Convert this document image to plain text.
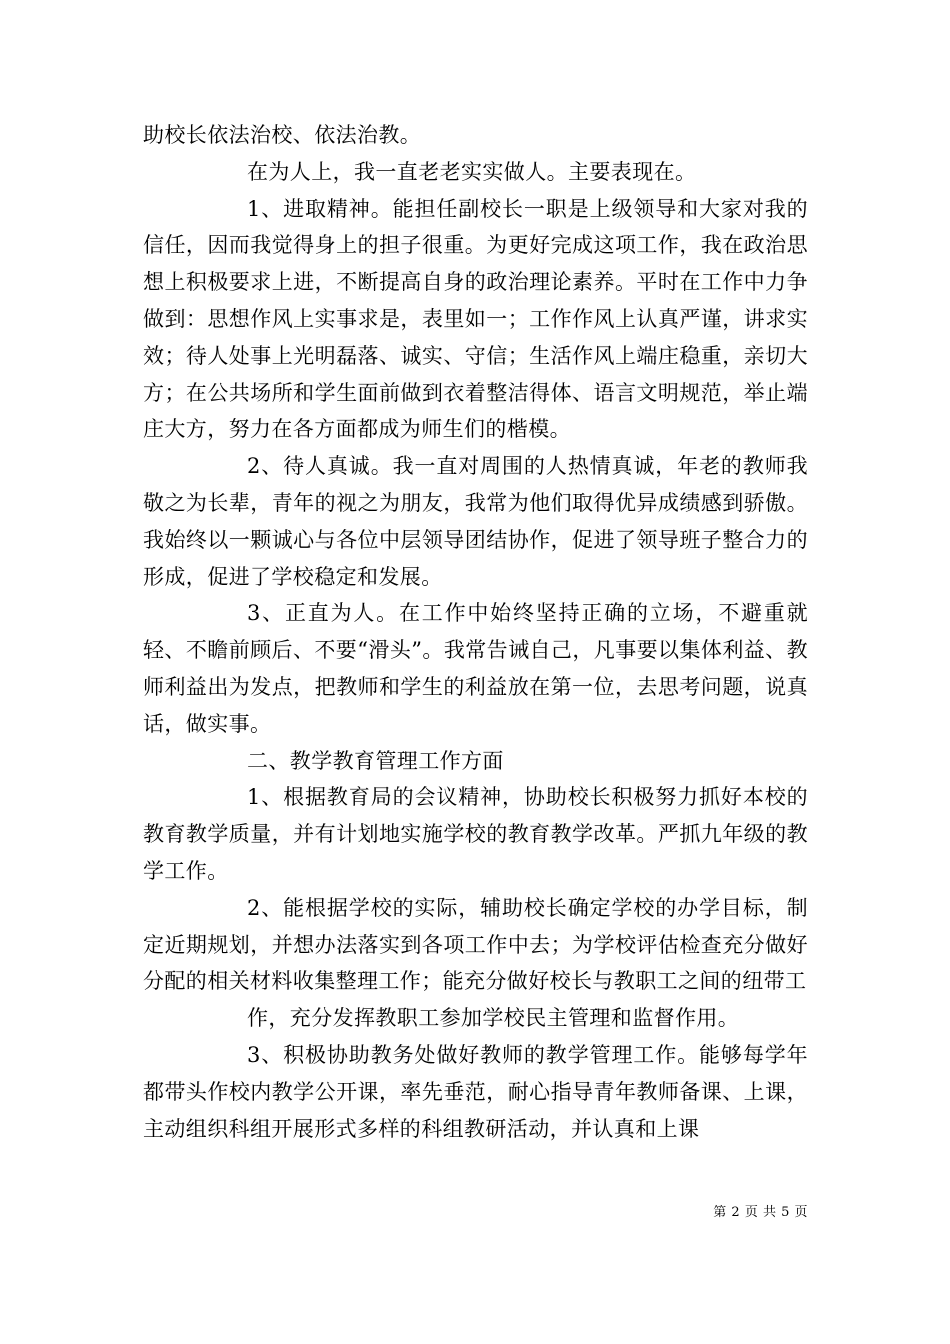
助校长依法治校、依法治教。

在为人上，我一直老老实实做人。主要表现在。

1、进取精神。能担任副校长一职是上级领导和大家对我的信任，因而我觉得身上的担子很重。为更好完成这项工作，我在政治思想上积极要求上进，不断提高自身的政治理论素养。平时在工作中力争做到：思想作风上实事求是，表里如一；工作作风上认真严谨，讲求实效；待人处事上光明磊落、诚实、守信；生活作风上端庄稳重，亲切大方；在公共场所和学生面前做到衣着整洁得体、语言文明规范，举止端庄大方，努力在各方面都成为师生们的楷模。

2、待人真诚。我一直对周围的人热情真诚，年老的教师我敬之为长辈，青年的视之为朋友，我常为他们取得优异成绩感到骄傲。我始终以一颗诚心与各位中层领导团结协作，促进了领导班子整合力的形成，促进了学校稳定和发展。

3、正直为人。在工作中始终坚持正确的立场，不避重就轻、不瞻前顾后、不要“滑头”。我常告诫自己，凡事要以集体利益、教师利益出为发点，把教师和学生的利益放在第一位，去思考问题，说真话，做实事。

二、教学教育管理工作方面

1、根据教育局的会议精神，协助校长积极努力抓好本校的教育教学质量，并有计划地实施学校的教育教学改革。严抓九年级的教学工作。

2、能根据学校的实际，辅助校长确定学校的办学目标，制定近期规划，并想办法落实到各项工作中去；为学校评估检查充分做好分配的相关材料收集整理工作；能充分做好校长与教职工之间的纽带工

作，充分发挥教职工参加学校民主管理和监督作用。

3、积极协助教务处做好教师的教学管理工作。能够每学年都带头作校内教学公开课，率先垂范，耐心指导青年教师备课、上课，主动组织科组开展形式多样的科组教研活动，并认真和上课

第 2 页 共 5 页
